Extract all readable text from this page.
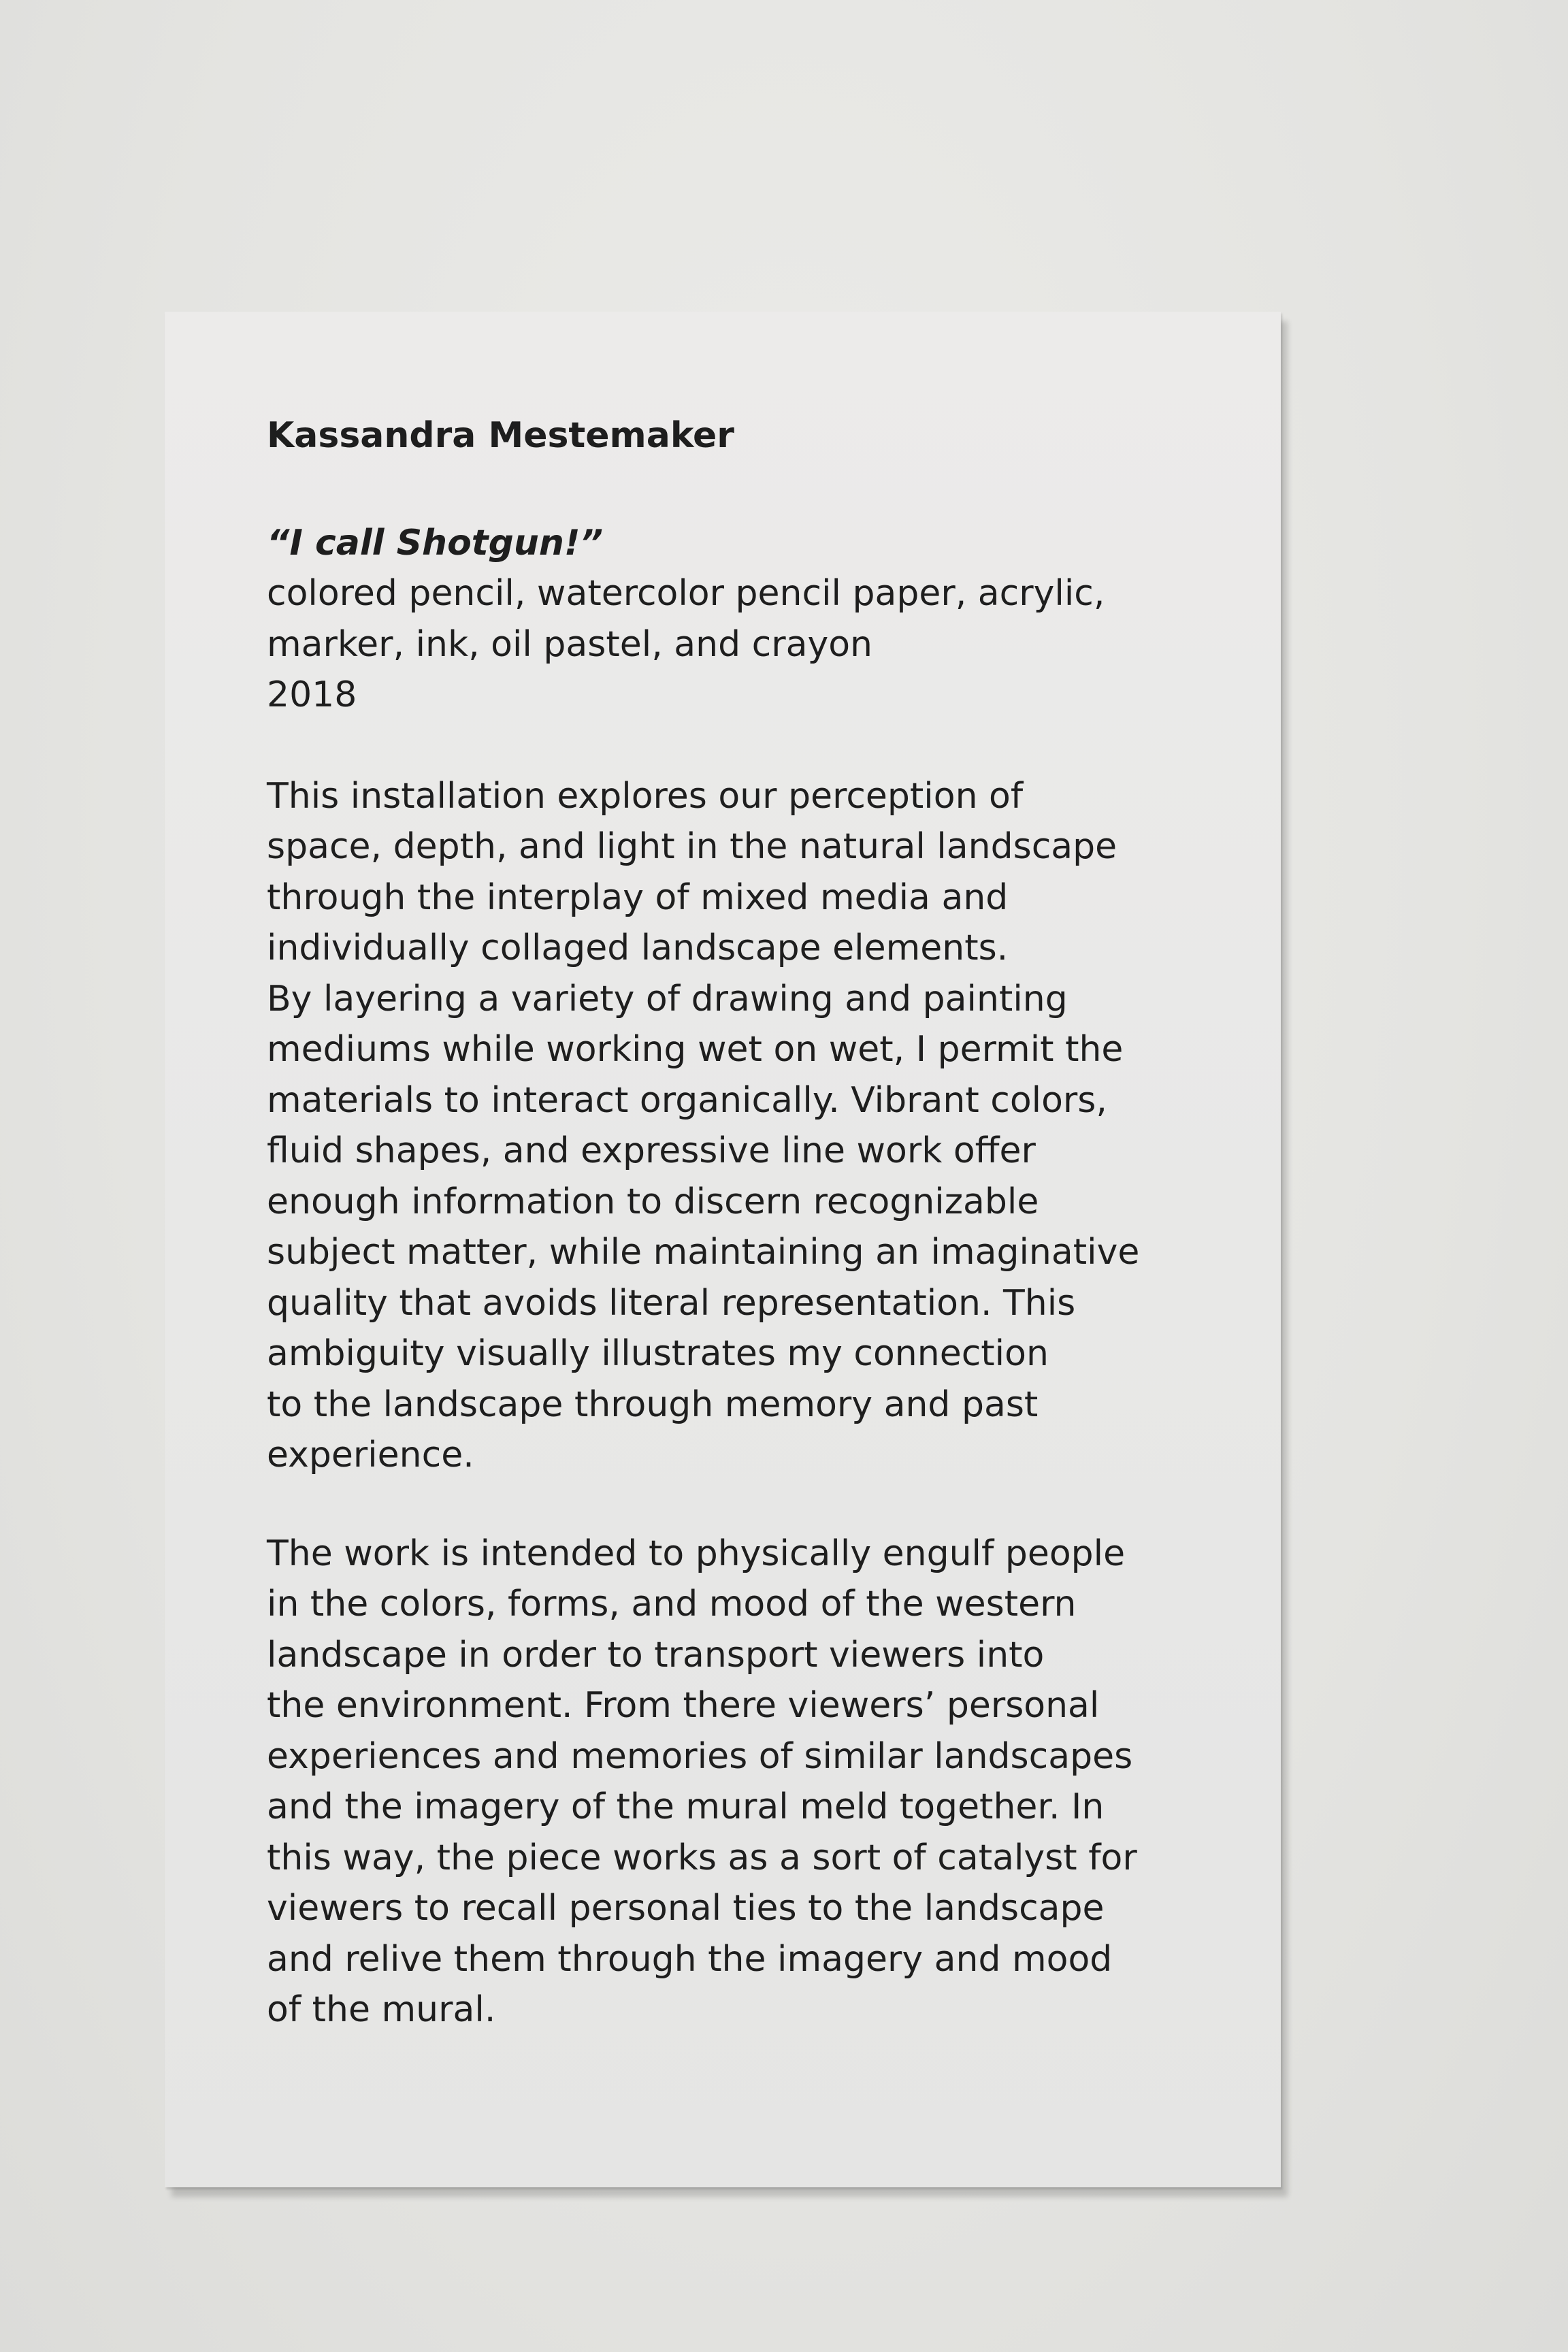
Kassandra Mestemaker

“I call Shotgun!”

colored pencil, watercolor pencil paper, acrylic,

marker, ink, oil pastel, and crayon

2018

This installation explores our perception of

space, depth, and light in the natural landscape

through the interplay of mixed media and

individually collaged landscape elements.

By layering a variety of drawing and painting

mediums while working wet on wet, I permit the

materials to interact organically. Vibrant colors,

fluid shapes, and expressive line work offer

enough information to discern recognizable

subject matter, while maintaining an imaginative

quality that avoids literal representation. This

ambiguity visually illustrates my connection

to the landscape through memory and past

experience.

The work is intended to physically engulf people

in the colors, forms, and mood of the western

landscape in order to transport viewers into

the environment. From there viewers’ personal

experiences and memories of similar landscapes

and the imagery of the mural meld together. In

this way, the piece works as a sort of catalyst for

viewers to recall personal ties to the landscape

and relive them through the imagery and mood

of the mural.
